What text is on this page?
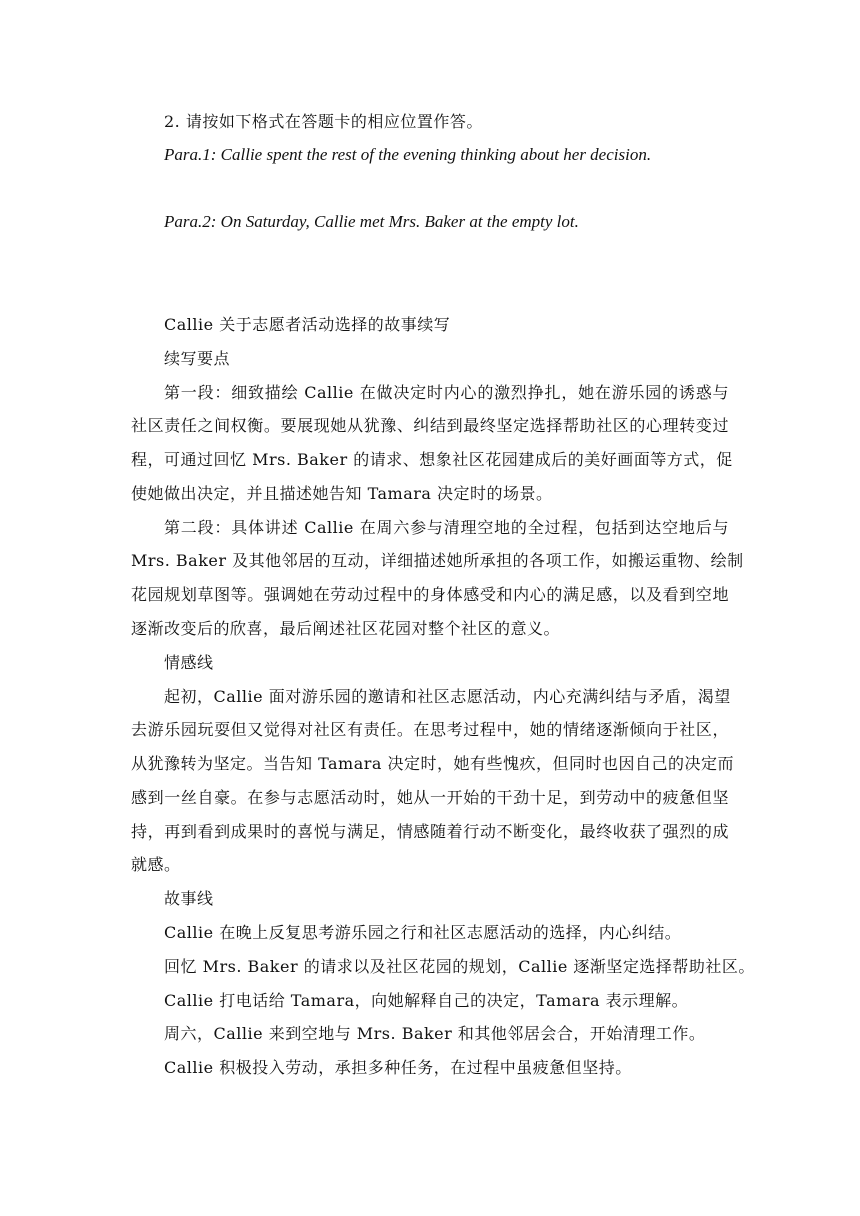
2. 请按如下格式在答题卡的相应位置作答。
Para.1: Callie spent the rest of the evening thinking about her decision.
Para.2: On Saturday, Callie met Mrs. Baker at the empty lot.
Callie 关于志愿者活动选择的故事续写
续写要点
第一段：细致描绘 Callie 在做决定时内心的激烈挣扎，她在游乐园的诱惑与
社区责任之间权衡。要展现她从犹豫、纠结到最终坚定选择帮助社区的心理转变过
程，可通过回忆 Mrs. Baker 的请求、想象社区花园建成后的美好画面等方式，促
使她做出决定，并且描述她告知 Tamara 决定时的场景。
第二段：具体讲述 Callie 在周六参与清理空地的全过程，包括到达空地后与
Mrs. Baker 及其他邻居的互动，详细描述她所承担的各项工作，如搬运重物、绘制
花园规划草图等。强调她在劳动过程中的身体感受和内心的满足感，以及看到空地
逐渐改变后的欣喜，最后阐述社区花园对整个社区的意义。
情感线
起初，Callie 面对游乐园的邀请和社区志愿活动，内心充满纠结与矛盾，渴望
去游乐园玩耍但又觉得对社区有责任。在思考过程中，她的情绪逐渐倾向于社区，
从犹豫转为坚定。当告知 Tamara 决定时，她有些愧疚，但同时也因自己的决定而
感到一丝自豪。在参与志愿活动时，她从一开始的干劲十足，到劳动中的疲惫但坚
持，再到看到成果时的喜悦与满足，情感随着行动不断变化，最终收获了强烈的成
就感。
故事线
Callie 在晚上反复思考游乐园之行和社区志愿活动的选择，内心纠结。
回忆 Mrs. Baker 的请求以及社区花园的规划，Callie 逐渐坚定选择帮助社区。
Callie 打电话给 Tamara，向她解释自己的决定，Tamara 表示理解。
周六，Callie 来到空地与 Mrs. Baker 和其他邻居会合，开始清理工作。
Callie 积极投入劳动，承担多种任务，在过程中虽疲惫但坚持。
